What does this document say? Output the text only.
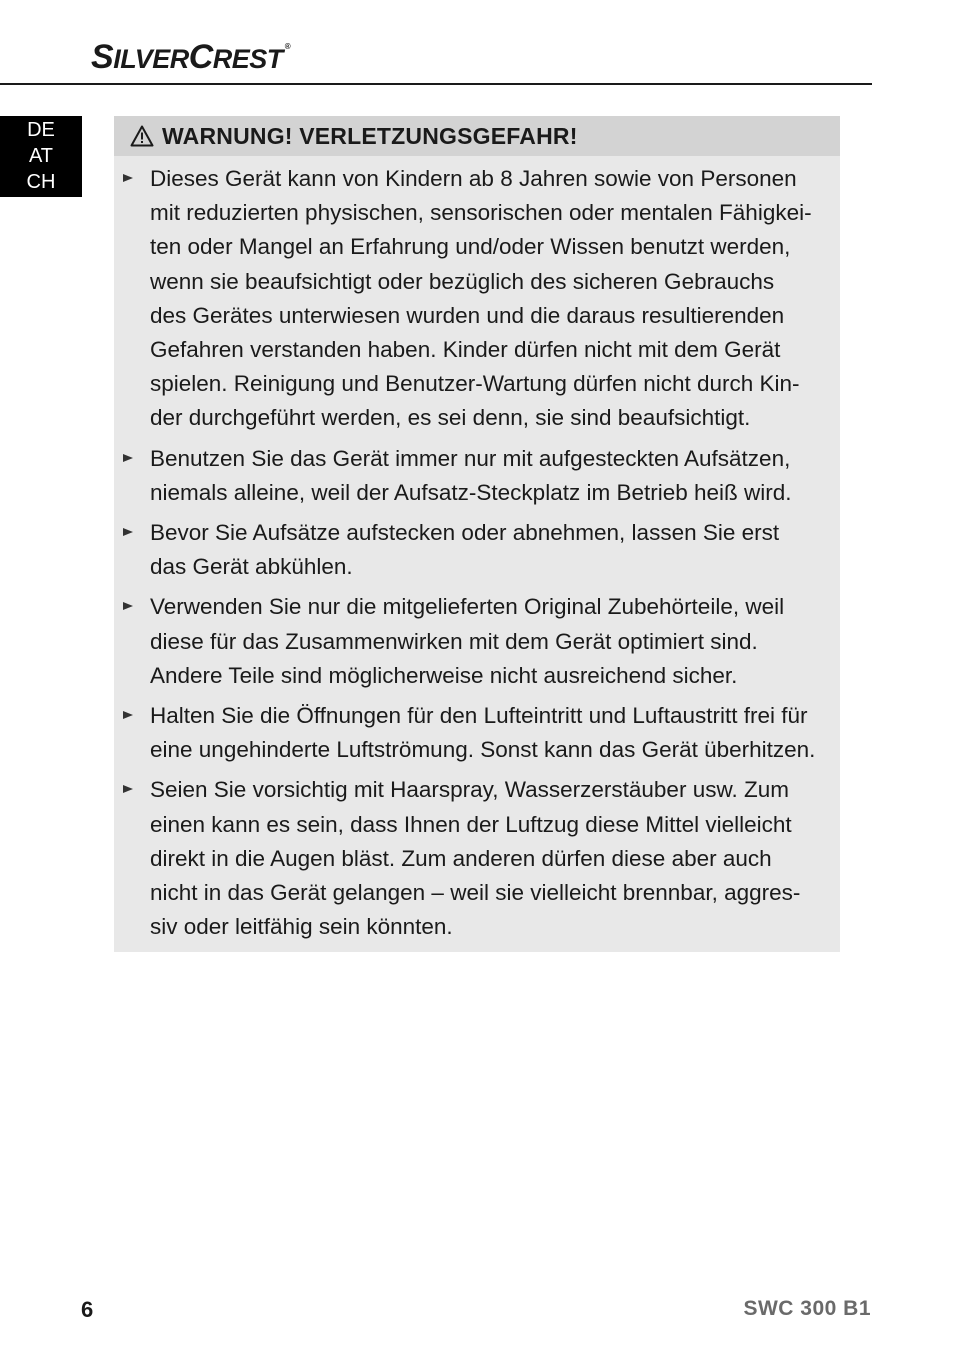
SILVERCREST ®
DE
AT
CH
WARNUNG! VERLETZUNGSGEFAHR!
Dieses Gerät kann von Kindern ab 8 Jahren sowie von Personen
mit reduzierten physischen, sensorischen oder mentalen Fähigkei-
ten oder Mangel an Erfahrung und/oder Wissen benutzt werden,
wenn sie beaufsichtigt oder bezüglich des sicheren Gebrauchs
des Gerätes unterwiesen wurden und die daraus resultierenden
Gefahren verstanden haben. Kinder dürfen nicht mit dem Gerät
spielen. Reinigung und Benutzer-Wartung dürfen nicht durch Kin-
der durchgeführt werden, es sei denn, sie sind beaufsichtigt.
Benutzen Sie das Gerät immer nur mit aufgesteckten Aufsätzen,
niemals alleine, weil der Aufsatz-Steckplatz im Betrieb heiß wird.
Bevor Sie Aufsätze aufstecken oder abnehmen, lassen Sie erst
das Gerät abkühlen.
Verwenden Sie nur die mitgelieferten Original Zubehörteile, weil
diese für das Zusammenwirken mit dem Gerät optimiert sind.
Andere Teile sind möglicherweise nicht ausreichend sicher.
Halten Sie die Öffnungen für den Lufteintritt und Luftaustritt frei für
eine ungehinderte Luftströmung. Sonst kann das Gerät überhitzen.
Seien Sie vorsichtig mit Haarspray, Wasserzerstäuber usw. Zum
einen kann es sein, dass Ihnen der Luftzug diese Mittel vielleicht
direkt in die Augen bläst. Zum anderen dürfen diese aber auch
nicht in das Gerät gelangen – weil sie vielleicht brennbar, aggres-
siv oder leitfähig sein könnten.
6	SWC 300 B1
